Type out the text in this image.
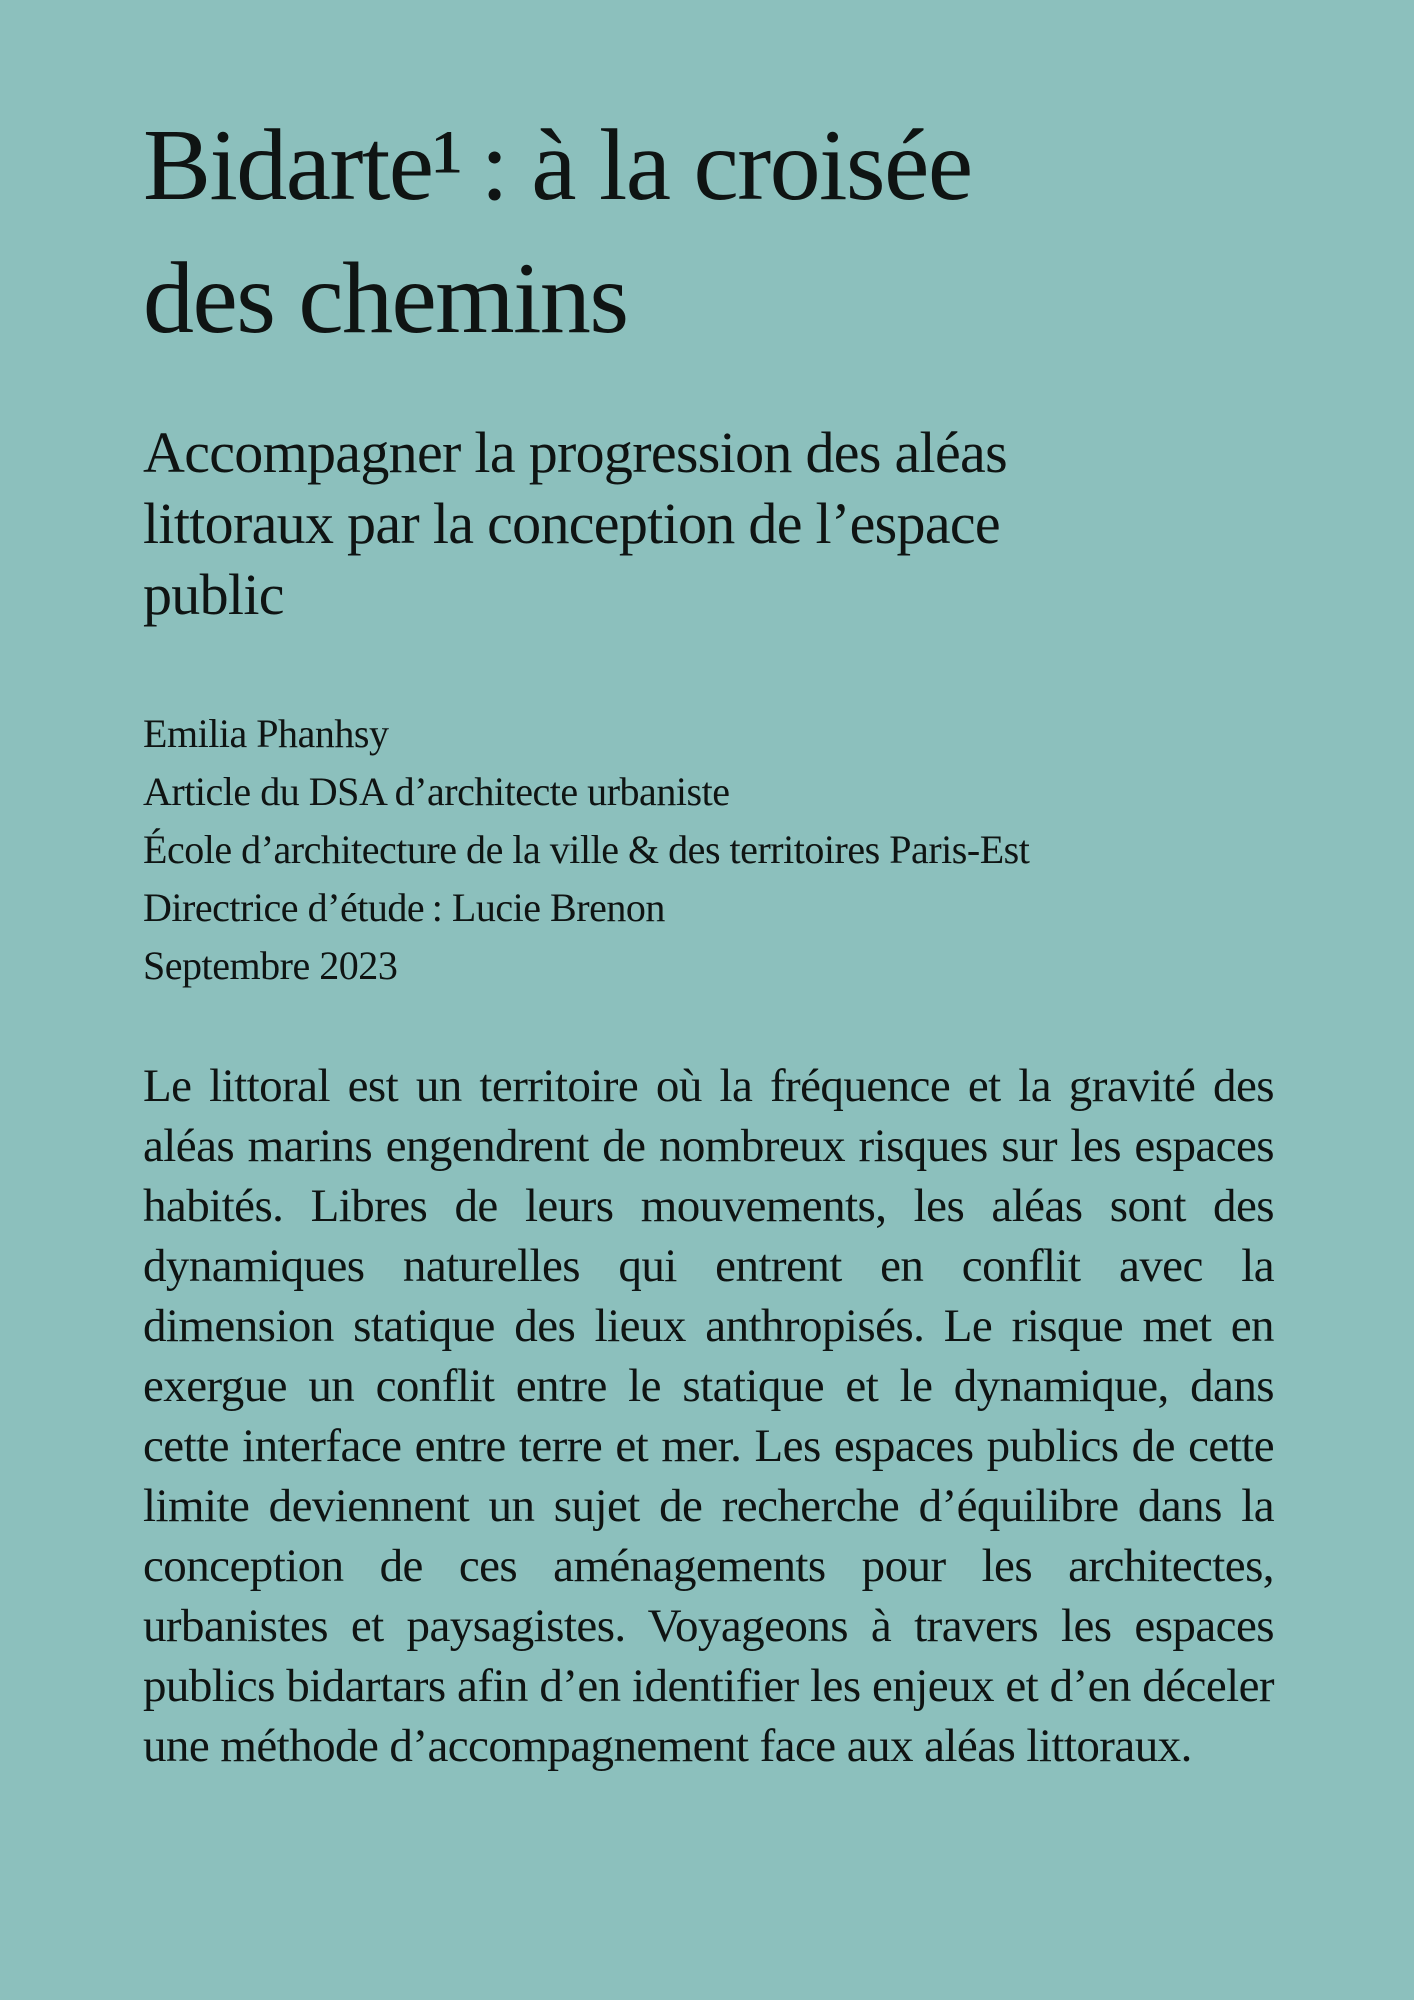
Bidarte¹ : à la croisée
des chemins
Accompagner la progression des aléas
littoraux par la conception de l’espace
public
Emilia Phanhsy
Article du DSA d’architecte urbaniste
École d’architecture de la ville & des territoires Paris-Est
Directrice d’étude : Lucie Brenon
Septembre 2023

Le littoral est un territoire où la fréquence et la gravité des aléas marins engendrent de nombreux risques sur les espaces habités. Libres de leurs mouvements, les aléas sont des dynamiques naturelles qui entrent en conflit avec la dimension statique des lieux anthropisés. Le risque met en exergue un conflit entre le statique et le dynamique, dans cette interface entre terre et mer. Les espaces publics de cette limite deviennent un sujet de recherche d’équilibre dans la conception de ces aménagements pour les architectes, urbanistes et paysagistes. Voyageons à travers les espaces publics bidartars afin d’en identifier les enjeux et d’en déceler une méthode d’accompagnement face aux aléas littoraux.
